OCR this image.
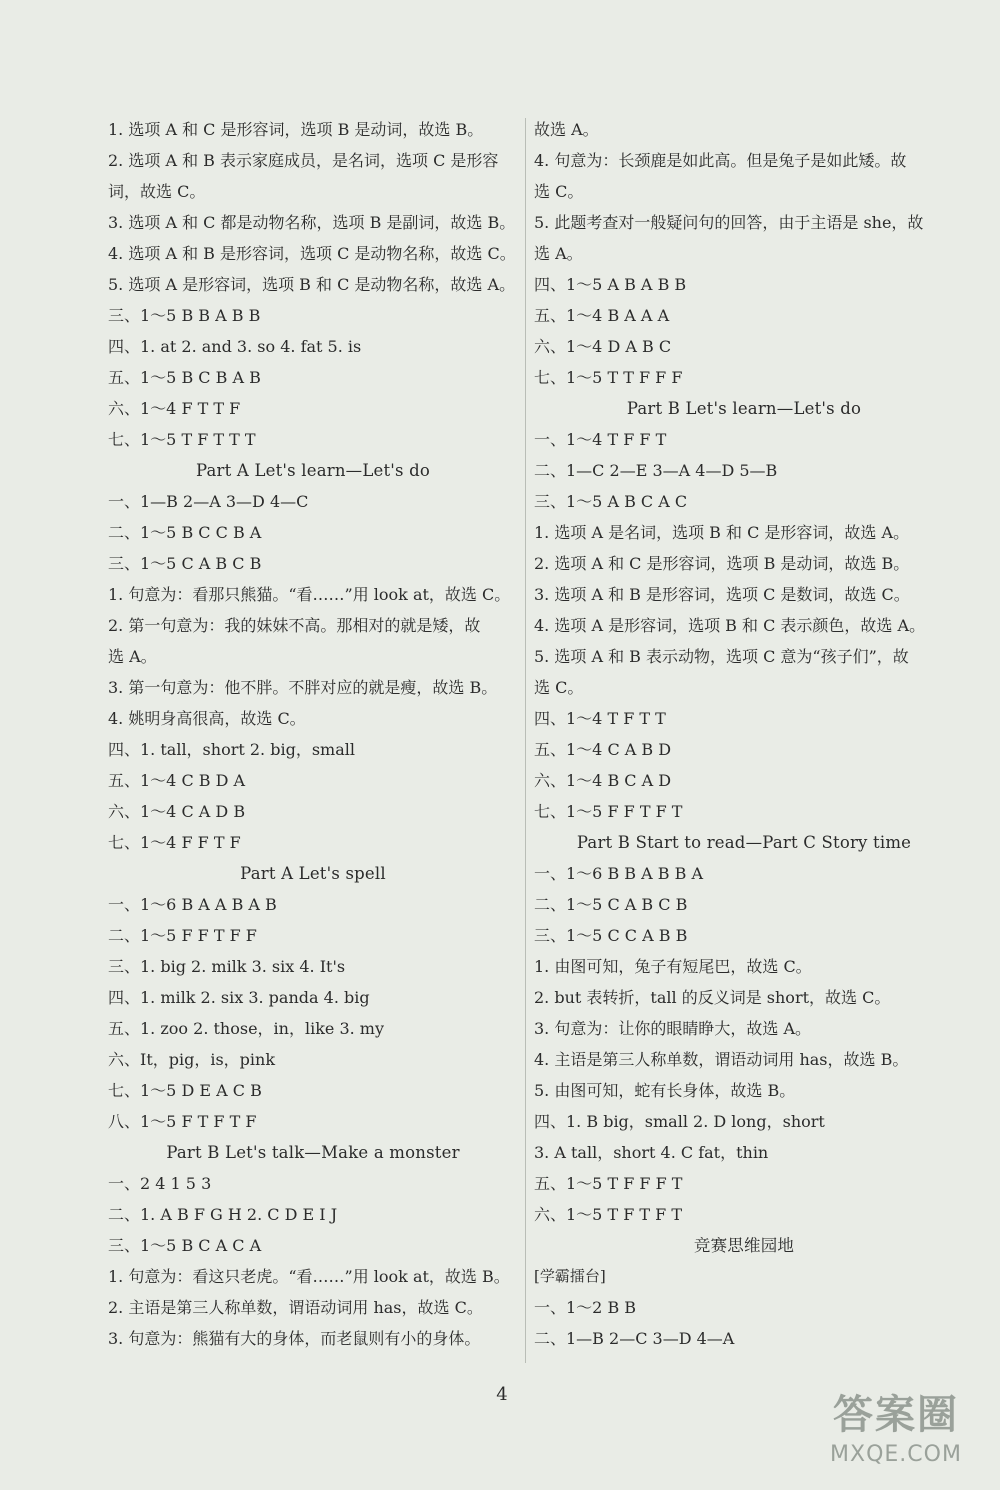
1. 选项 A 和 C 是形容词，选项 B 是动词，故选 B。
2. 选项 A 和 B 表示家庭成员，是名词，选项 C 是形容
词，故选 C。
3. 选项 A 和 C 都是动物名称，选项 B 是副词，故选 B。
4. 选项 A 和 B 是形容词，选项 C 是动物名称，故选 C。
5. 选项 A 是形容词，选项 B 和 C 是动物名称，故选 A。
三、1～5 B B A B B
四、1. at 2. and 3. so 4. fat 5. is
五、1～5 B C B A B
六、1～4 F T T F
七、1～5 T F T T T
Part A Let's learn—Let's do
一、1—B 2—A 3—D 4—C
二、1～5 B C C B A
三、1～5 C A B C B
1. 句意为：看那只熊猫。“看……”用 look at，故选 C。
2. 第一句意为：我的妹妹不高。那相对的就是矮，故
选 A。
3. 第一句意为：他不胖。不胖对应的就是瘦，故选 B。
4. 姚明身高很高，故选 C。
四、1. tall，short 2. big，small
五、1～4 C B D A
六、1～4 C A D B
七、1～4 F F T F
Part A Let's spell
一、1～6 B A A B A B
二、1～5 F F T F F
三、1. big 2. milk 3. six 4. It's
四、1. milk 2. six 3. panda 4. big
五、1. zoo 2. those，in，like 3. my
六、It，pig，is，pink
七、1～5 D E A C B
八、1～5 F T F T F
Part B Let's talk—Make a monster
一、2 4 1 5 3
二、1. A B F G H 2. C D E I J
三、1～5 B C A C A
1. 句意为：看这只老虎。“看……”用 look at，故选 B。
2. 主语是第三人称单数，谓语动词用 has，故选 C。
3. 句意为：熊猫有大的身体，而老鼠则有小的身体。
故选 A。
4. 句意为：长颈鹿是如此高。但是兔子是如此矮。故
选 C。
5. 此题考查对一般疑问句的回答，由于主语是 she，故
选 A。
四、1～5 A B A B B
五、1～4 B A A A
六、1～4 D A B C
七、1～5 T T F F F
Part B Let's learn—Let's do
一、1～4 T F F T
二、1—C 2—E 3—A 4—D 5—B
三、1～5 A B C A C
1. 选项 A 是名词，选项 B 和 C 是形容词，故选 A。
2. 选项 A 和 C 是形容词，选项 B 是动词，故选 B。
3. 选项 A 和 B 是形容词，选项 C 是数词，故选 C。
4. 选项 A 是形容词，选项 B 和 C 表示颜色，故选 A。
5. 选项 A 和 B 表示动物，选项 C 意为“孩子们”，故
选 C。
四、1～4 T F T T
五、1～4 C A B D
六、1～4 B C A D
七、1～5 F F T F T
Part B Start to read—Part C Story time
一、1～6 B B A B B A
二、1～5 C A B C B
三、1～5 C C A B B
1. 由图可知，兔子有短尾巴，故选 C。
2. but 表转折，tall 的反义词是 short，故选 C。
3. 句意为：让你的眼睛睁大，故选 A。
4. 主语是第三人称单数，谓语动词用 has，故选 B。
5. 由图可知，蛇有长身体，故选 B。
四、1. B big，small 2. D long，short
3. A tall，short 4. C fat，thin
五、1～5 T F F F T
六、1～5 T F T F T
竞赛思维园地
[学霸擂台]
一、1～2 B B
二、1—B 2—C 3—D 4—A
4	答案圈
MXQE.COM
